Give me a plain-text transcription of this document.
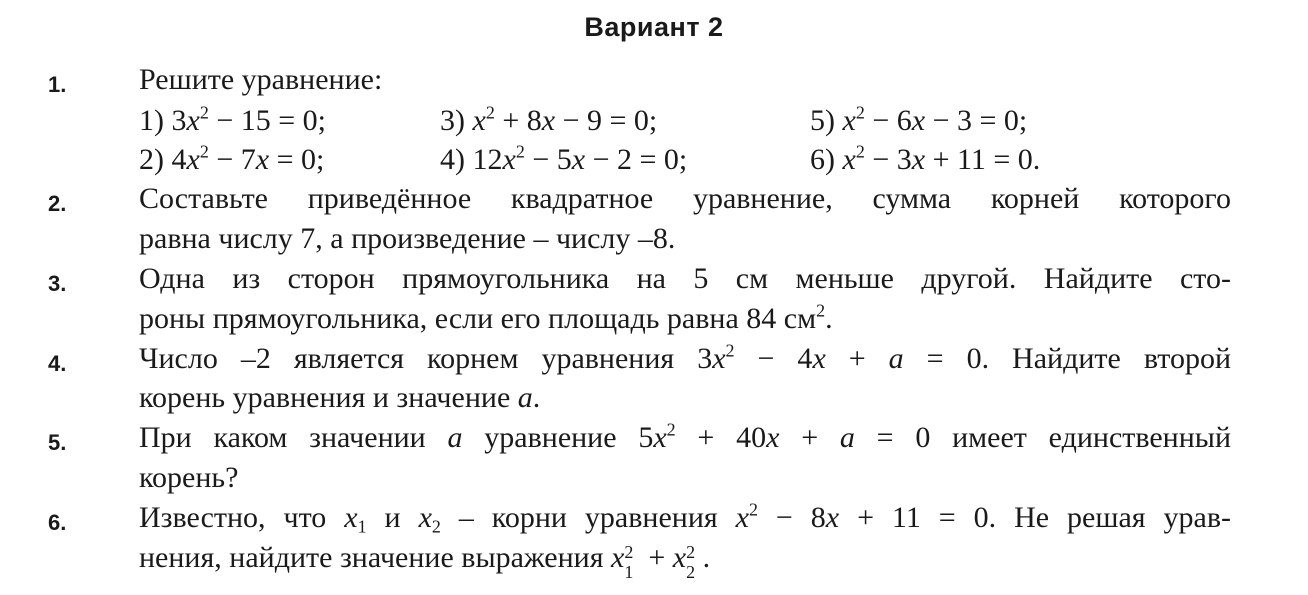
Вариант 2
1. Решите уравнение:
1) $3x^2 - 15 = 0$;
2) $4x^2 - 7x = 0$;
3) $x^2 + 8x - 9 = 0$;
4) $12x^2 - 5x - 2 = 0$;
5) $x^2 - 6x - 3 = 0$;
6) $x^2 - 3x + 11 = 0$.
2. Составьте приведённое квадратное уравнение, сумма корней которого
равна числу 7, а произведение – числу –8.
3. Одна из сторон прямоугольника на 5 см меньше другой. Найдите сто-
роны прямоугольника, если его площадь равна 84 $см^2$.
4. Число –2 является корнем уравнения $3x^2 - 4x + a = 0$. Найдите второй
корень уравнения и значение a.
5. При каком значении a уравнение $5x^2 + 40x + a = 0$ имеет единственный
корень?
6. Известно, что $x_1$ и $x_2$ – корни уравнения $x^2 - 8x + 11 = 0$. Не решая урав-
нения, найдите значение выражения x 2
1 + x 2
2 .
